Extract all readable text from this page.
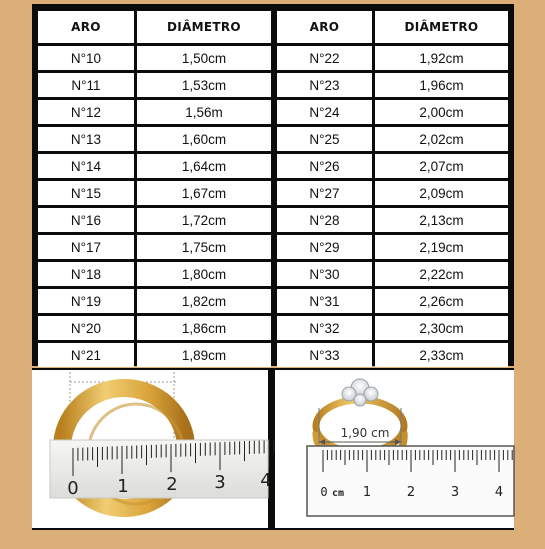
ARO	DIÂMETRO		ARO	DIÂMETRO
N°10	1,50cm		N°22	1,92cm
N°11	1,53cm		N°23	1,96cm
N°12	1,56m		N°24	2,00cm
N°13	1,60cm		N°25	2,02cm
N°14	1,64cm		N°26	2,07cm
N°15	1,67cm		N°27	2,09cm
N°16	1,72cm		N°28	2,13cm
N°17	1,75cm		N°29	2,19cm
N°18	1,80cm		N°30	2,22cm
N°19	1,82cm		N°31	2,26cm
N°20	1,86cm		N°32	2,30cm
N°21	1,89cm		N°33	2,33cm
0 1 2 3 4
1,90 cm
0 cm 1	2	3	4
